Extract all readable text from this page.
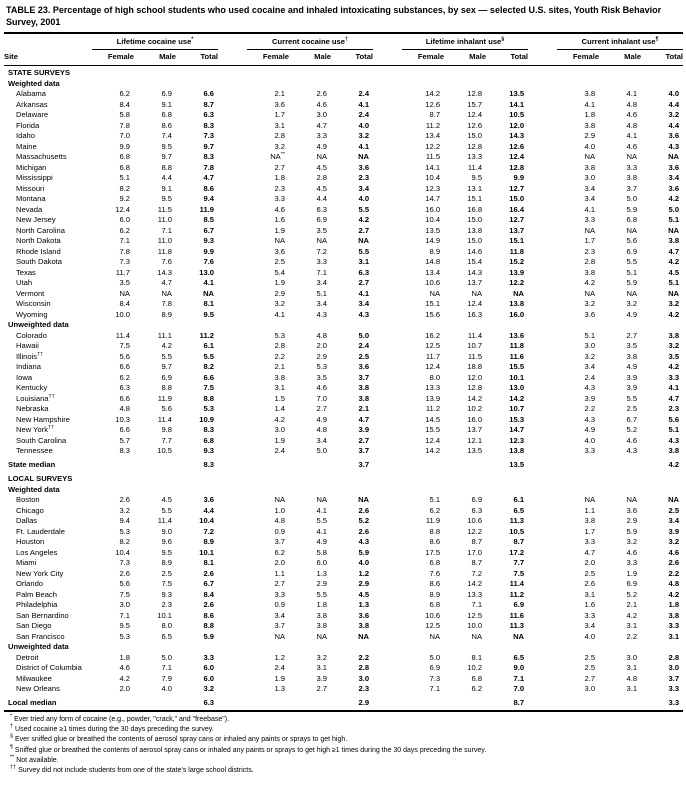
TABLE 23. Percentage of high school students who used cocaine and inhaled intoxicating substances, by sex — selected U.S. sites, Youth Risk Behavior Survey, 2001
	Lifetime cocaine use*				Current cocaine use†				Lifetime inhalant use§				Current inhalant use¶
Site	Female	Male	Total		Female	Male	Total		Female	Male	Total		Female	Male	Total
STATE SURVEYS															
Weighted data															
Alabama	6.2	6.9	6.6		2.1	2.6	2.4		14.2	12.8	13.5		3.8	4.1	4.0
Arkansas	8.4	9.1	8.7		3.6	4.6	4.1		12.6	15.7	14.1		4.1	4.8	4.4
Delaware	5.8	6.8	6.3		1.7	3.0	2.4		8.7	12.4	10.5		1.8	4.6	3.2
Florida	7.8	8.6	8.3		3.1	4.7	4.0		11.2	12.6	12.0		3.8	4.8	4.4
Idaho	7.0	7.4	7.3		2.8	3.3	3.2		13.4	15.0	14.3		2.9	4.1	3.6
Maine	9.9	9.5	9.7		3.2	4.9	4.1		12.2	12.8	12.6		4.0	4.6	4.3
Massachusetts	6.8	9.7	8.3		NA**	NA	NA		11.5	13.3	12.4		NA	NA	NA
Michigan	6.8	8.8	7.8		2.7	4.5	3.6		14.1	11.4	12.8		3.8	3.3	3.6
Mississippi	5.1	4.4	4.7		1.8	2.8	2.3		10.4	9.5	9.9		3.0	3.8	3.4
Missouri	8.2	9.1	8.6		2.3	4.5	3.4		12.3	13.1	12.7		3.4	3.7	3.6
Montana	9.2	9.5	9.4		3.3	4.4	4.0		14.7	15.1	15.0		3.4	5.0	4.2
Nevada	12.4	11.5	11.9		4.6	6.3	5.5		16.0	16.8	16.4		4.1	5.9	5.0
New Jersey	6.0	11.0	8.5		1.6	6.9	4.2		10.4	15.0	12.7		3.3	6.8	5.1
North Carolina	6.2	7.1	6.7		1.9	3.5	2.7		13.5	13.8	13.7		NA	NA	NA
North Dakota	7.1	11.0	9.3		NA	NA	NA		14.9	15.0	15.1		1.7	5.6	3.8
Rhode Island	7.8	11.8	9.9		3.6	7.2	5.5		8.9	14.6	11.8		2.3	6.9	4.7
South Dakota	7.3	7.6	7.6		2.5	3.3	3.1		14.8	15.4	15.2		2.8	5.5	4.2
Texas	11.7	14.3	13.0		5.4	7.1	6.3		13.4	14.3	13.9		3.8	5.1	4.5
Utah	3.5	4.7	4.1		1.9	3.4	2.7		10.6	13.7	12.2		4.2	5.9	5.1
Vermont	NA	NA	NA		2.9	5.1	4.1		NA	NA	NA		NA	NA	NA
Wisconsin	8.4	7.8	8.1		3.2	3.4	3.4		15.1	12.4	13.8		3.2	3.2	3.2
Wyoming	10.0	8.9	9.5		4.1	4.3	4.3		15.6	16.3	16.0		3.6	4.9	4.2
Unweighted data															
Colorado	11.4	11.1	11.2		5.3	4.8	5.0		16.2	11.4	13.6		5.1	2.7	3.8
Hawaii	7.5	4.2	6.1		2.8	2.0	2.4		12.5	10.7	11.8		3.0	3.5	3.2
Illinois††	5.6	5.5	5.5		2.2	2.9	2.5		11.7	11.5	11.6		3.2	3.8	3.5
Indiana	6.6	9.7	8.2		2.1	5.3	3.6		12.4	18.8	15.5		3.4	4.9	4.2
Iowa	6.2	6.9	6.6		3.8	3.5	3.7		8.0	12.0	10.1		2.4	3.9	3.3
Kentucky	6.3	8.8	7.5		3.1	4.6	3.8		13.3	12.8	13.0		4.3	3.9	4.1
Louisiana††	6.6	11.9	8.8		1.5	7.0	3.8		13.9	14.2	14.2		3.9	5.5	4.7
Nebraska	4.8	5.6	5.3		1.4	2.7	2.1		11.2	10.2	10.7		2.2	2.5	2.3
New Hampshire	10.3	11.4	10.9		4.2	4.9	4.7		14.5	16.0	15.3		4.3	6.7	5.6
New York††	6.6	9.8	8.3		3.0	4.8	3.9		15.5	13.7	14.7		4.9	5.2	5.1
South Carolina	5.7	7.7	6.8		1.9	3.4	2.7		12.4	12.1	12.3		4.0	4.6	4.3
Tennessee	8.3	10.5	9.3		2.4	5.0	3.7		14.2	13.5	13.8		3.3	4.3	3.8
State median			8.3				3.7				13.5				4.2
LOCAL SURVEYS															
Weighted data															
Boston	2.6	4.5	3.6		NA	NA	NA		5.1	6.9	6.1		NA	NA	NA
Chicago	3.2	5.5	4.4		1.0	4.1	2.6		6.2	6.3	6.5		1.1	3.6	2.5
Dallas	9.4	11.4	10.4		4.8	5.5	5.2		11.9	10.6	11.3		3.8	2.9	3.4
Ft. Lauderdale	5.3	9.0	7.2		0.9	4.1	2.6		8.8	12.2	10.5		1.7	5.9	3.9
Houston	8.2	9.6	8.9		3.7	4.9	4.3		8.6	8.7	8.7		3.3	3.2	3.2
Los Angeles	10.4	9.5	10.1		6.2	5.8	5.9		17.5	17.0	17.2		4.7	4.6	4.6
Miami	7.3	8.9	8.1		2.0	6.0	4.0		6.8	8.7	7.7		2.0	3.3	2.6
New York City	2.6	2.5	2.6		1.1	1.3	1.2		7.6	7.2	7.5		2.5	1.9	2.2
Orlando	5.6	7.5	6.7		2.7	2.9	2.9		8.6	14.2	11.4		2.6	6.9	4.8
Palm Beach	7.5	9.3	8.4		3.3	5.5	4.5		8.9	13.3	11.2		3.1	5.2	4.2
Philadelphia	3.0	2.3	2.6		0.9	1.8	1.3		6.8	7.1	6.9		1.6	2.1	1.8
San Bernardino	7.1	10.1	8.6		3.4	3.8	3.6		10.6	12.5	11.6		3.3	4.2	3.8
San Diego	9.5	8.0	8.8		3.7	3.8	3.8		12.5	10.0	11.3		3.4	3.1	3.3
San Francisco	5.3	6.5	5.9		NA	NA	NA		NA	NA	NA		4.0	2.2	3.1
Unweighted data															
Detroit	1.8	5.0	3.3		1.2	3.2	2.2		5.0	8.1	6.5		2.5	3.0	2.8
District of Columbia	4.6	7.1	6.0		2.4	3.1	2.8		6.9	10.2	9.0		2.5	3.1	3.0
Milwaukee	4.2	7.9	6.0		1.9	3.9	3.0		7.3	6.8	7.1		2.7	4.8	3.7
New Orleans	2.0	4.0	3.2		1.3	2.7	2.3		7.1	6.2	7.0		3.0	3.1	3.3
Local median			6.3				2.9				8.7				3.3
* Ever tried any form of cocaine (e.g., powder, "crack," and "freebase").
† Used cocaine ≥1 times during the 30 days preceding the survey.
§ Ever sniffed glue or breathed the contents of aerosol spray cans or inhaled any paints or sprays to get high.
¶ Sniffed glue or breathed the contents of aerosol spray cans or inhaled any paints or sprays to get high ≥1 times during the 30 days preceding the survey.
** Not available.
†† Survey did not include students from one of the state's large school districts.
